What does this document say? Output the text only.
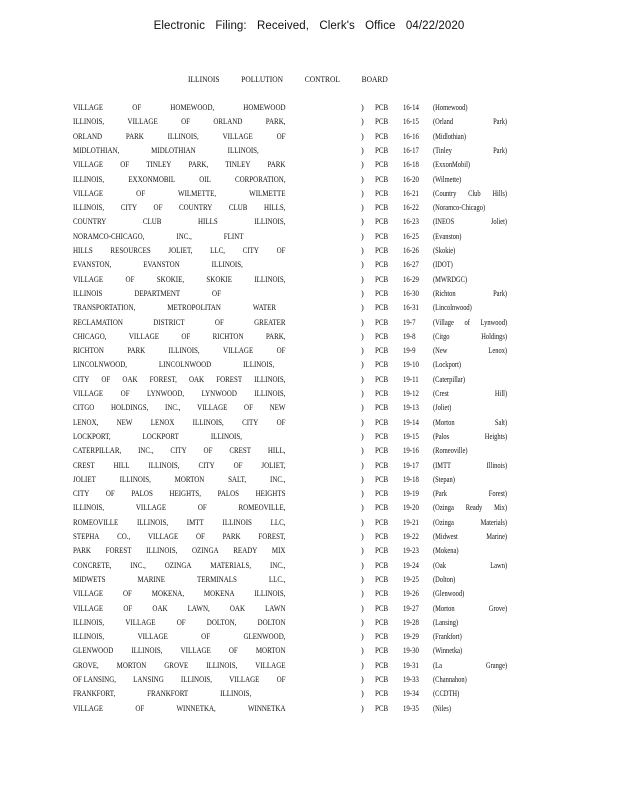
Electronic Filing: Received, Clerk's Office 04/22/2020
ILLINOIS	POLLUTION	CONTROL	BOARD
VILLAGE	OF	HOMEWOOD,	HOMEWOOD	) PCB 16-14 (Homewood)
ILLINOIS,	VILLAGE	OF	ORLAND	PARK,	) PCB 16-15 (Orland	Park)
ORLAND	PARK	ILLINOIS,	VILLAGE	OF	) PCB 16-16 (Midlothian)
MIDLOTHIAN,	MIDLOTHIAN	ILLINOIS,	) PCB 16-17 (Tinley	Park)
VILLAGE OF TINLEY PARK, TINLEY PARK	) PCB 16-18 (ExxonMobil)
ILLINOIS,	EXXONMOBIL	OIL	CORPORATION,	) PCB 16-20 (Wilmette)
VILLAGE	OF	WILMETTE,	WILMETTE	) PCB 16-21 (Country Club Hills)
ILLINOIS, CITY OF COUNTRY CLUB HILLS,	) PCB 16-22 (Noramco-Chicago)
COUNTRY	CLUB	HILLS	ILLINOIS,	) PCB 16-23 (INEOS	Joliet)
NORAMCO-CHICAGO,	INC.,	FLINT	) PCB 16-25 (Evanston)
HILLS RESOURCES JOLIET, LLC, CITY OF	) PCB 16-26 (Skokie)
EVANSTON,	EVANSTON	ILLINOIS,	) PCB 16-27 (IDOT)
VILLAGE	OF	SKOKIE,	SKOKIE	ILLINOIS,	) PCB 16-29 (MWRDGC)
ILLINOIS	DEPARTMENT	OF	) PCB 16-30 (Richton	Park)
TRANSPORTATION,	METROPOLITAN	WATER	) PCB 16-31 (Lincolnwood)
RECLAMATION	DISTRICT	OF	GREATER	) PCB 19-7 (Village of Lynwood)
CHICAGO,	VILLAGE	OF	RICHTON	PARK,	) PCB 19-8 (Citgo	Holdings)
RICHTON	PARK	ILLINOIS,	VILLAGE	OF	) PCB 19-9 (New	Lenox)
LINCOLNWOOD,	LINCOLNWOOD	ILLINOIS,	) PCB 19-10 (Lockport)
CITY OF OAK FOREST, OAK FOREST ILLINOIS,	) PCB 19-11 (Caterpillar)
VILLAGE OF LYNWOOD, LYNWOOD ILLINOIS,	) PCB 19-12 (Crest	Hill)
CITGO HOLDINGS, INC., VILLAGE OF NEW	) PCB 19-13 (Joliet)
LENOX, NEW LENOX ILLINOIS, CITY OF	) PCB 19-14 (Morton	Salt)
LOCKPORT,	LOCKPORT	ILLINOIS,	) PCB 19-15 (Palos	Heights)
CATERPILLAR, INC., CITY OF CREST HILL,	) PCB 19-16 (Romeoville)
CREST HILL ILLINOIS, CITY OF JOLIET,	) PCB 19-17 (IMTT	Illinois)
JOLIET	ILLINOIS,	MORTON	SALT,	INC.,	) PCB 19-18 (Stepan)
CITY OF PALOS HEIGHTS, PALOS HEIGHTS	) PCB 19-19 (Park	Forest)
ILLINOIS,	VILLAGE	OF	ROMEOVILLE,	) PCB 19-20 (Ozinga Ready Mix)
ROMEOVILLE ILLINOIS, IMTT ILLINOIS LLC,	) PCB 19-21 (Ozinga	Materials)
STEPHA CO., VILLAGE OF PARK FOREST,	) PCB 19-22 (Midwest	Marine)
PARK FOREST ILLINOIS, OZINGA READY MIX	) PCB 19-23 (Mokena)
CONCRETE, INC., OZINGA MATERIALS, INC.,	) PCB 19-24 (Oak	Lawn)
MIDWETS	MARINE	TERMINALS	LLC.,	) PCB 19-25 (Dolton)
VILLAGE OF MOKENA, MOKENA ILLINOIS,	) PCB 19-26 (Glenwood)
VILLAGE OF OAK LAWN, OAK LAWN	) PCB 19-27 (Morton	Grove)
ILLINOIS,	VILLAGE	OF	DOLTON,	DOLTON	) PCB 19-28 (Lansing)
ILLINOIS,	VILLAGE	OF	GLENWOOD,	) PCB 19-29 (Frankfort)
GLENWOOD ILLINOIS, VILLAGE OF MORTON	) PCB 19-30 (Winnetka)
GROVE, MORTON GROVE ILLINOIS, VILLAGE	) PCB 19-31 (La	Grange)
OF LANSING, LANSING ILLINOIS, VILLAGE OF	) PCB 19-33 (Channahon)
FRANKFORT,	FRANKFORT	ILLINOIS,	) PCB 19-34 (CCDTH)
VILLAGE	OF	WINNETKA,	WINNETKA	) PCB 19-35 (Niles)
